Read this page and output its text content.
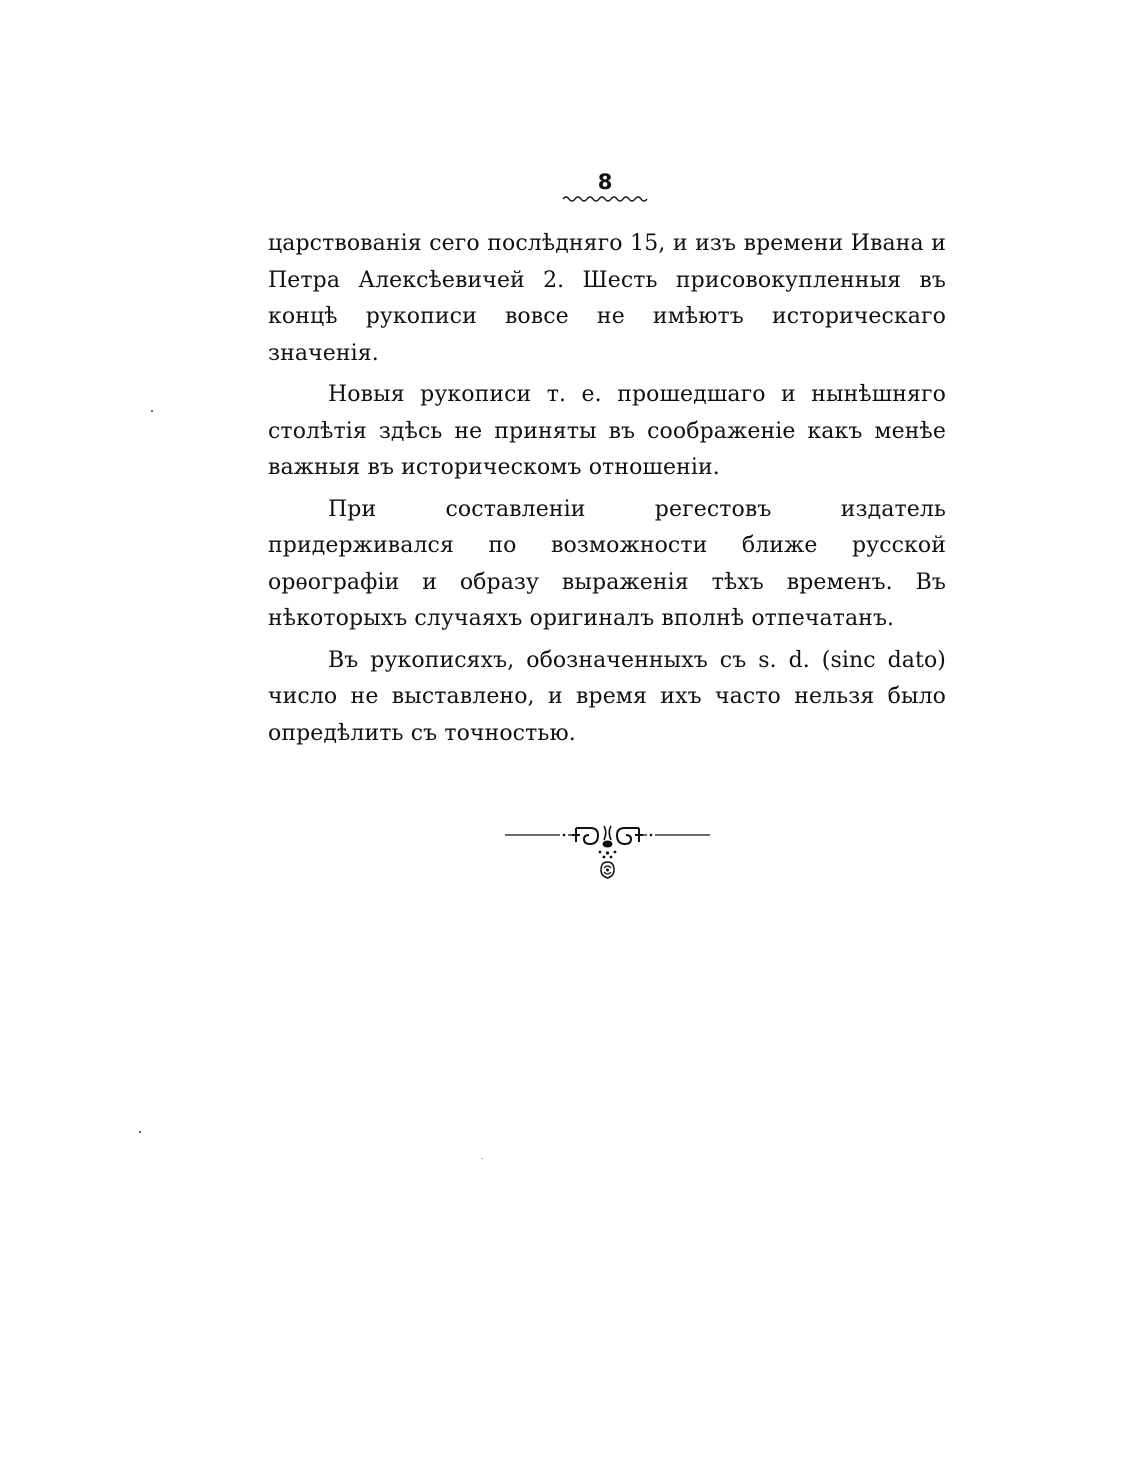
8

царствованія сего послѣдняго 15, и изъ времени Ивана и Петра Алексѣевичей 2. Шесть присовокупленныя въ концѣ рукописи вовсе не имѣютъ историческаго значенія.

Новыя рукописи т. е. прошедшаго и нынѣшняго столѣтія здѣсь не приняты въ соображеніе какъ менѣе важныя въ историческомъ отношеніи.

При составленіи регестовъ издатель придерживался по возможности ближе русской орѳографіи и образу выраженія тѣхъ временъ. Въ нѣкоторыхъ случаяхъ оригиналъ вполнѣ отпечатанъ.

Въ рукописяхъ, обозначенныхъ съ s. d. (sinc dato) число не выставлено, и время ихъ часто нельзя было опредѣлить съ точностью.
